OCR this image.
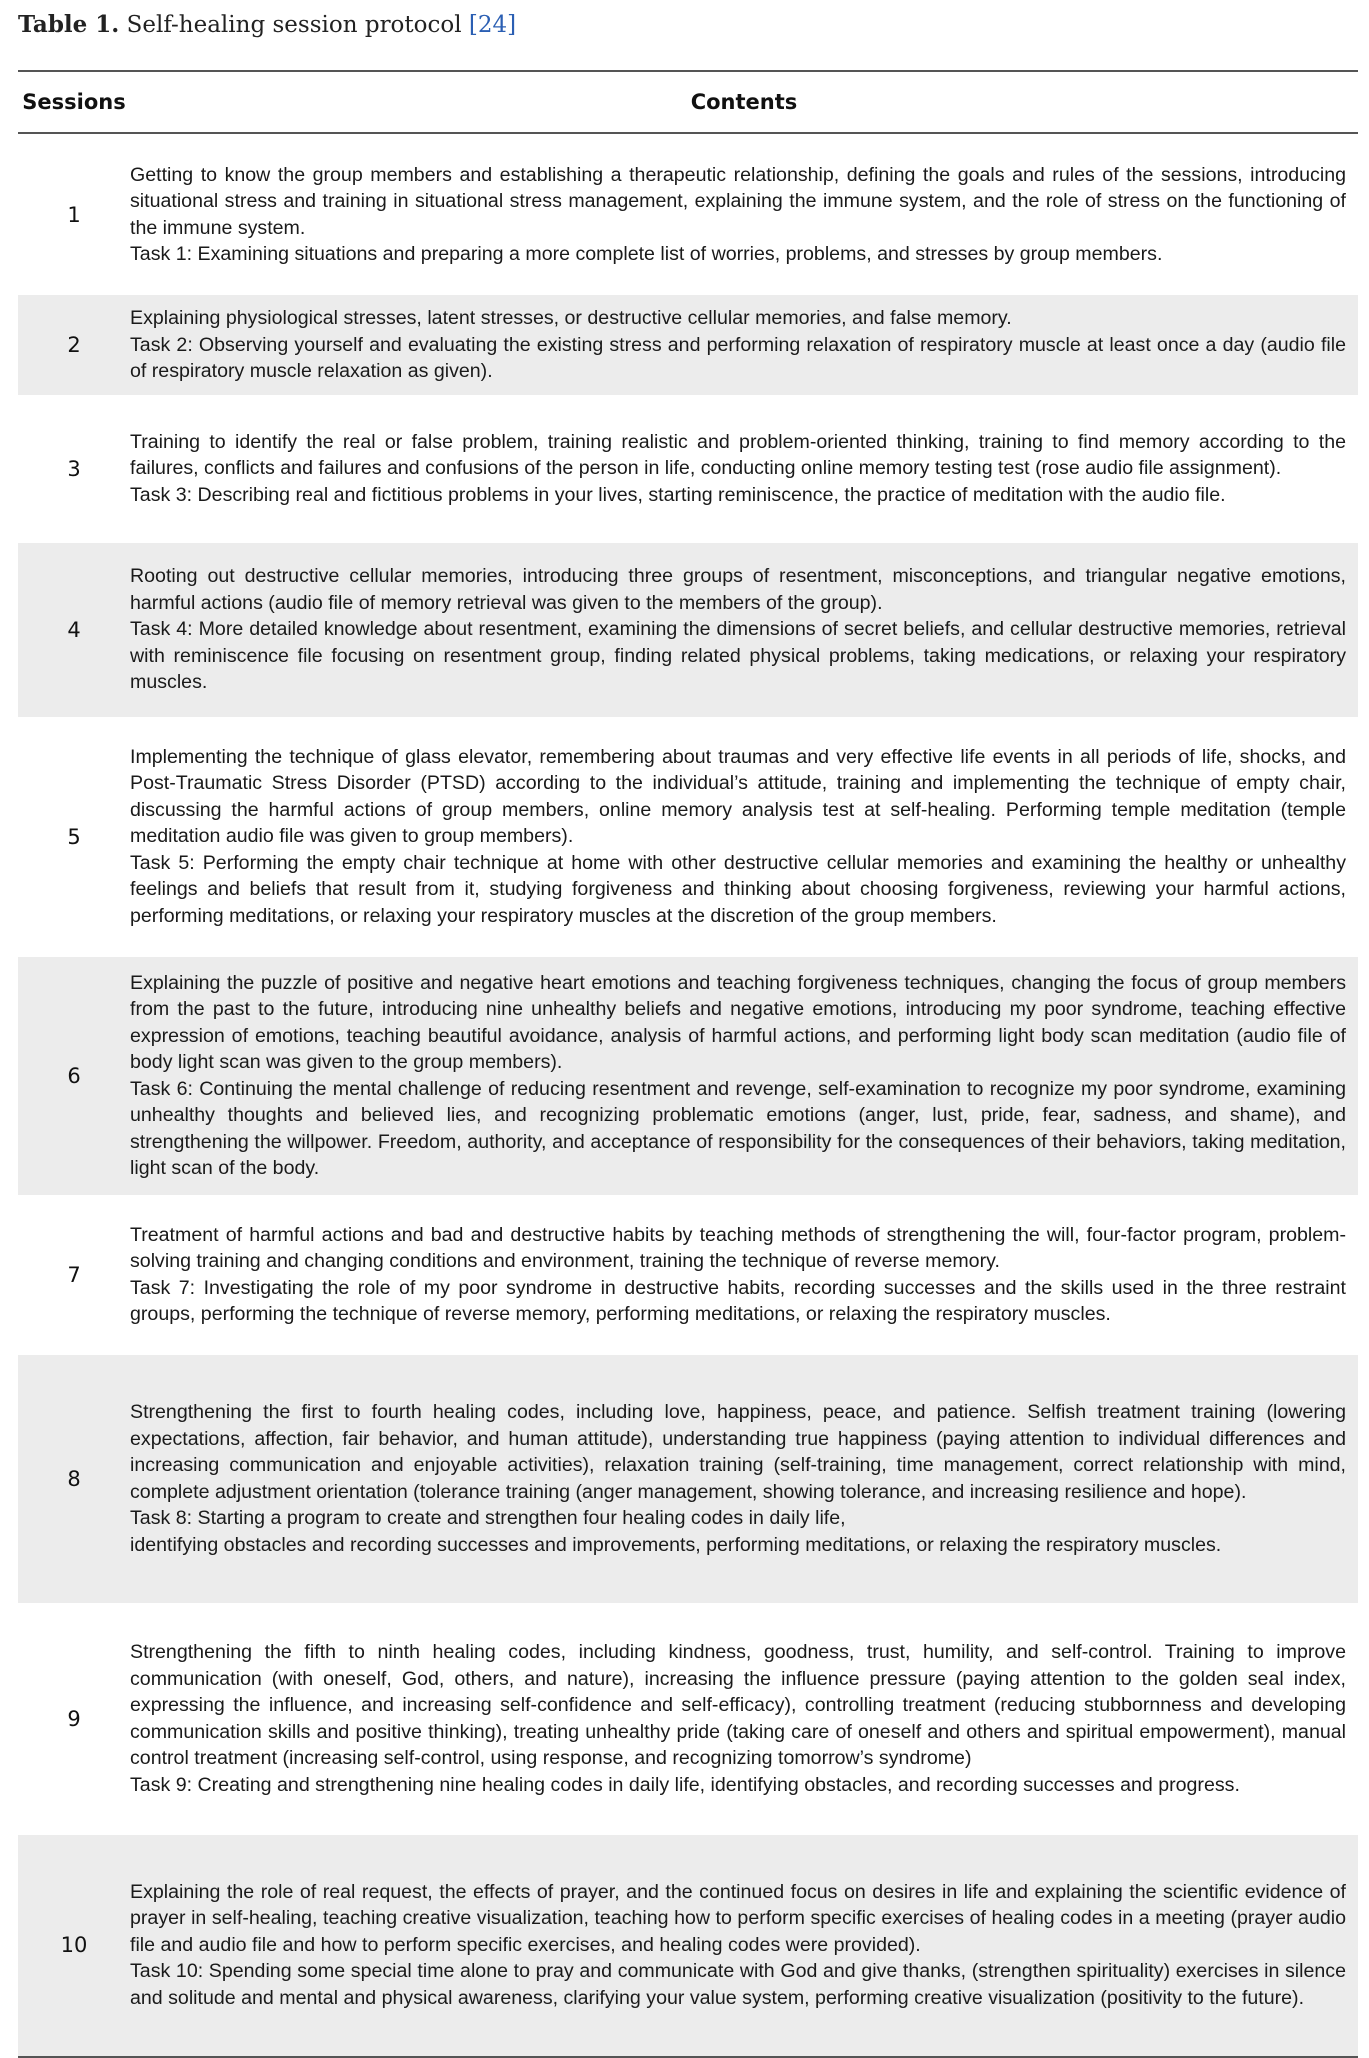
Table 1. Self-healing session protocol [24]
Sessions	Contents
1	Getting to know the group members and establishing a therapeutic relationship, defining the goals and rules of the sessions, introducing situational stress and training in situational stress management, explaining the immune system, and the role of stress on the functioning of the immune system.

Task 1: Examining situations and preparing a more complete list of worries, problems, and stresses by group members.

2	Explaining physiological stresses, latent stresses, or destructive cellular memories, and false memory.

Task 2: Observing yourself and evaluating the existing stress and performing relaxation of respiratory muscle at least once a day (audio file of respiratory muscle relaxation as given).

3	Training to identify the real or false problem, training realistic and problem-oriented thinking, training to find memory according to the failures, conflicts and failures and confusions of the person in life, conducting online memory testing test (rose audio file assignment).

Task 3: Describing real and fictitious problems in your lives, starting reminiscence, the practice of meditation with the audio file.

4	Rooting out destructive cellular memories, introducing three groups of resentment, misconceptions, and triangular negative emotions, harmful actions (audio file of memory retrieval was given to the members of the group).

Task 4: More detailed knowledge about resentment, examining the dimensions of secret beliefs, and cellular destructive memories, retrieval with reminiscence file focusing on resentment group, finding related physical problems, taking medications, or relaxing your respiratory muscles.

5	Implementing the technique of glass elevator, remembering about traumas and very effective life events in all periods of life, shocks, and Post-Traumatic Stress Disorder (PTSD) according to the individual’s attitude, training and implementing the technique of empty chair, discussing the harmful actions of group members, online memory analysis test at self-healing. Performing temple meditation (temple meditation audio file was given to group members).

Task 5: Performing the empty chair technique at home with other destructive cellular memories and examining the healthy or unhealthy feelings and beliefs that result from it, studying forgiveness and thinking about choosing forgiveness, reviewing your harmful actions, performing meditations, or relaxing your respiratory muscles at the discretion of the group members.

6	Explaining the puzzle of positive and negative heart emotions and teaching forgiveness techniques, changing the focus of group members from the past to the future, introducing nine unhealthy beliefs and negative emotions, introducing my poor syndrome, teaching effective expression of emotions, teaching beautiful avoidance, analysis of harmful actions, and performing light body scan meditation (audio file of body light scan was given to the group members).

Task 6: Continuing the mental challenge of reducing resentment and revenge, self-examination to recognize my poor syndrome, examining unhealthy thoughts and believed lies, and recognizing problematic emotions (anger, lust, pride, fear, sadness, and shame), and strengthening the willpower. Freedom, authority, and acceptance of responsibility for the consequences of their behaviors, taking meditation, light scan of the body.

7	Treatment of harmful actions and bad and destructive habits by teaching methods of strengthening the will, four-factor program, problem-solving training and changing conditions and environment, training the technique of reverse memory.

Task 7: Investigating the role of my poor syndrome in destructive habits, recording successes and the skills used in the three restraint groups, performing the technique of reverse memory, performing meditations, or relaxing the respiratory muscles.

8	Strengthening the first to fourth healing codes, including love, happiness, peace, and patience. Selfish treatment training (lowering expectations, affection, fair behavior, and human attitude), understanding true happiness (paying attention to individual differences and increasing communication and enjoyable activities), relaxation training (self-training, time management, correct relationship with mind, complete adjustment orientation (tolerance training (anger management, showing tolerance, and increasing resilience and hope).

Task 8: Starting a program to create and strengthen four healing codes in daily life,

identifying obstacles and recording successes and improvements, performing meditations, or relaxing the respiratory muscles.

9	Strengthening the fifth to ninth healing codes, including kindness, goodness, trust, humility, and self-control. Training to improve communication (with oneself, God, others, and nature), increasing the influence pressure (paying attention to the golden seal index, expressing the influence, and increasing self-confidence and self-efficacy), controlling treatment (reducing stubbornness and developing communication skills and positive thinking), treating unhealthy pride (taking care of oneself and others and spiritual empowerment), manual control treatment (increasing self-control, using response, and recognizing tomorrow’s syndrome)

Task 9: Creating and strengthening nine healing codes in daily life, identifying obstacles, and recording successes and progress.

10	Explaining the role of real request, the effects of prayer, and the continued focus on desires in life and explaining the scientific evidence of prayer in self-healing, teaching creative visualization, teaching how to perform specific exercises of healing codes in a meeting (prayer audio file and audio file and how to perform specific exercises, and healing codes were provided).

Task 10: Spending some special time alone to pray and communicate with God and give thanks, (strengthen spirituality) exercises in silence and solitude and mental and physical awareness, clarifying your value system, performing creative visualization (positivity to the future).
